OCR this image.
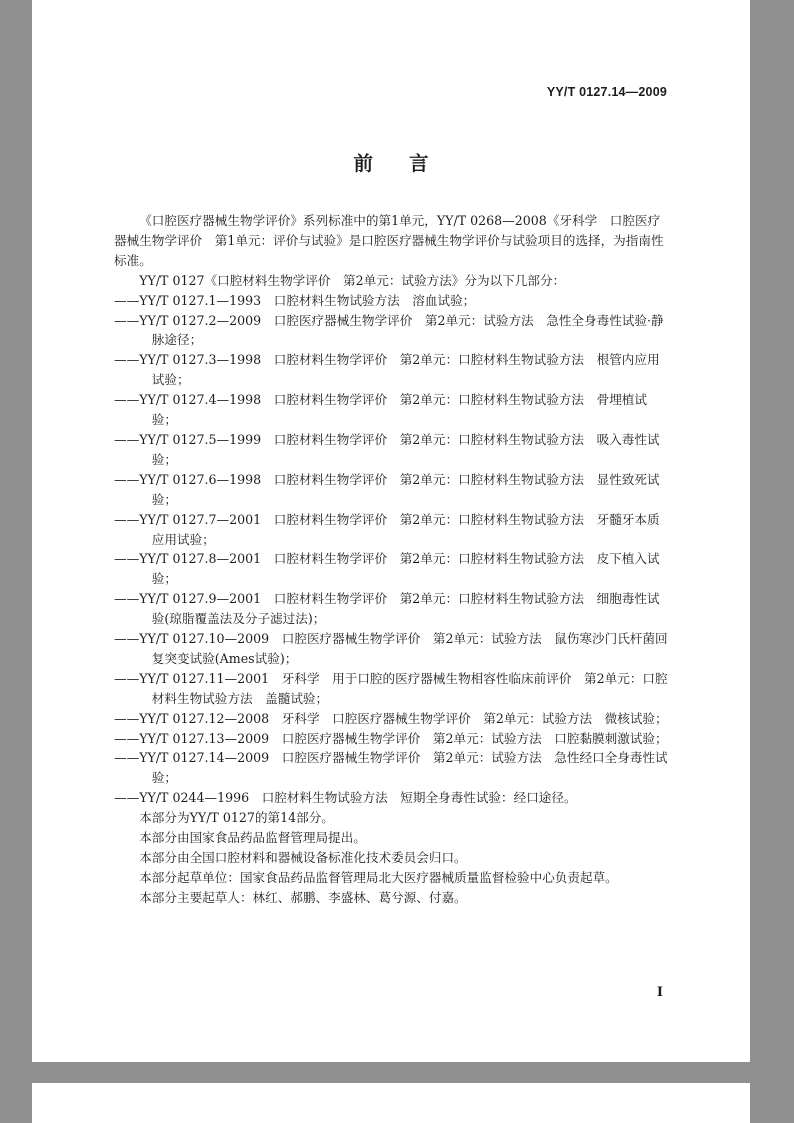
YY/T 0127.14—2009
前 言

《口腔医疗器械生物学评价》系列标准中的第1单元，YY/T 0268—2008《牙科学　口腔医疗器械生物学评价　第1单元：评价与试验》是口腔医疗器械生物学评价与试验项目的选择，为指南性标准。

YY/T 0127《口腔材料生物学评价　第2单元：试验方法》分为以下几部分：

——YY/T 0127.1—1993　口腔材料生物试验方法　溶血试验；

——YY/T 0127.2—2009　口腔医疗器械生物学评价　第2单元：试验方法　急性全身毒性试验·静脉途径；

——YY/T 0127.3—1998　口腔材料生物学评价　第2单元：口腔材料生物试验方法　根管内应用试验；

——YY/T 0127.4—1998　口腔材料生物学评价　第2单元：口腔材料生物试验方法　骨埋植试验；

——YY/T 0127.5—1999　口腔材料生物学评价　第2单元：口腔材料生物试验方法　吸入毒性试验；

——YY/T 0127.6—1998　口腔材料生物学评价　第2单元：口腔材料生物试验方法　显性致死试验；

——YY/T 0127.7—2001　口腔材料生物学评价　第2单元：口腔材料生物试验方法　牙髓牙本质应用试验；

——YY/T 0127.8—2001　口腔材料生物学评价　第2单元：口腔材料生物试验方法　皮下植入试验；

——YY/T 0127.9—2001　口腔材料生物学评价　第2单元：口腔材料生物试验方法　细胞毒性试验(琼脂覆盖法及分子滤过法)；

——YY/T 0127.10—2009　口腔医疗器械生物学评价　第2单元：试验方法　鼠伤寒沙门氏杆菌回复突变试验(Ames试验)；

——YY/T 0127.11—2001　牙科学　用于口腔的医疗器械生物相容性临床前评价　第2单元：口腔材料生物试验方法　盖髓试验；

——YY/T 0127.12—2008　牙科学　口腔医疗器械生物学评价　第2单元：试验方法　微核试验；

——YY/T 0127.13—2009　口腔医疗器械生物学评价　第2单元：试验方法　口腔黏膜刺激试验；

——YY/T 0127.14—2009　口腔医疗器械生物学评价　第2单元：试验方法　急性经口全身毒性试验；

——YY/T 0244—1996　口腔材料生物试验方法　短期全身毒性试验：经口途径。

本部分为YY/T 0127的第14部分。

本部分由国家食品药品监督管理局提出。

本部分由全国口腔材料和器械设备标准化技术委员会归口。

本部分起草单位：国家食品药品监督管理局北大医疗器械质量监督检验中心负责起草。

本部分主要起草人：林红、郝鹏、李盛林、葛兮源、付嘉。

I
